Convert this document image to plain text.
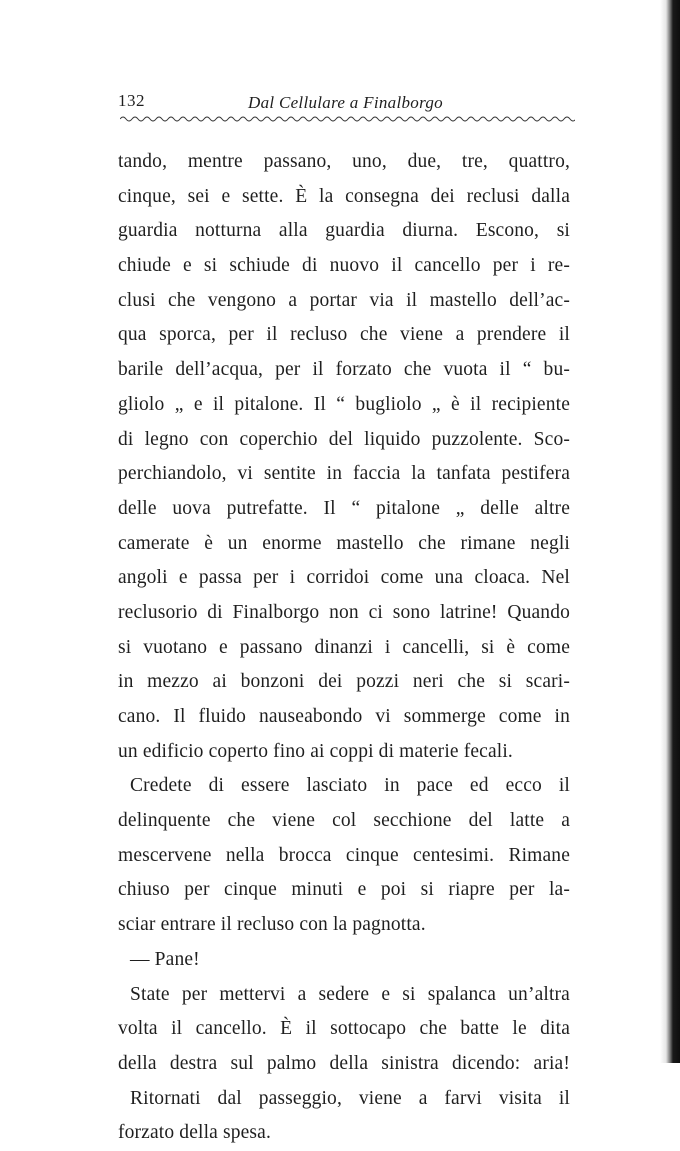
132	Dal Cellulare a Finalborgo
tando, mentre passano, uno, due, tre, quattro,
cinque, sei e sette. È la consegna dei reclusi dalla
guardia notturna alla guardia diurna. Escono, si
chiude e si schiude di nuovo il cancello per i re-
clusi che vengono a portar via il mastello dell’ac-
qua sporca, per il recluso che viene a prendere il
barile dell’acqua, per il forzato che vuota il “ bu-
gliolo „ e il pitalone. Il “ bugliolo „ è il recipiente
di legno con coperchio del liquido puzzolente. Sco-
perchiandolo, vi sentite in faccia la tanfata pestifera
delle uova putrefatte. Il “ pitalone „ delle altre
camerate è un enorme mastello che rimane negli
angoli e passa per i corridoi come una cloaca. Nel
reclusorio di Finalborgo non ci sono latrine! Quando
si vuotano e passano dinanzi i cancelli, si è come
in mezzo ai bonzoni dei pozzi neri che si scari-
cano. Il fluido nauseabondo vi sommerge come in
un edificio coperto fino ai coppi di materie fecali.
Credete di essere lasciato in pace ed ecco il
delinquente che viene col secchione del latte a
mescervene nella brocca cinque centesimi. Rimane
chiuso per cinque minuti e poi si riapre per la-
sciar entrare il recluso con la pagnotta.
— Pane!
State per mettervi a sedere e si spalanca un’altra
volta il cancello. È il sottocapo che batte le dita
della destra sul palmo della sinistra dicendo: aria!
Ritornati dal passeggio, viene a farvi visita il
forzato della spesa.
